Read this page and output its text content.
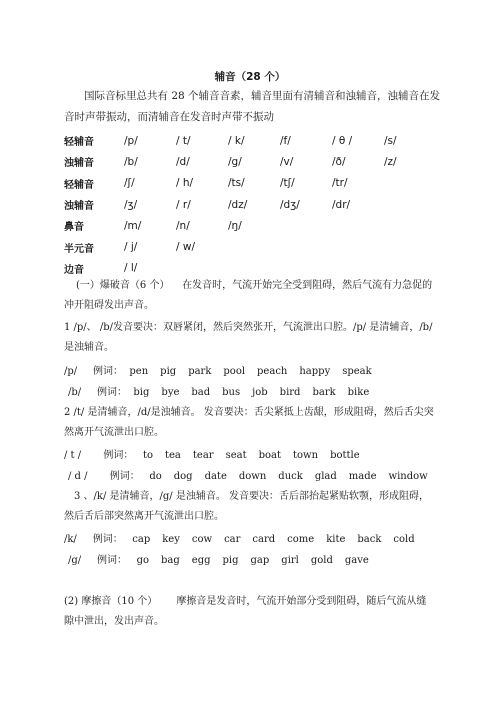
辅音（28 个）
国际音标里总共有 28 个辅音音素，辅音里面有清辅音和浊辅音，浊辅音在发音时声带振动，而清辅音在发音时声带不振动
轻辅音	/p/	/ t/	/ k/	/f/	/ θ /	/s/
浊辅音	/b/	/d/	/g/	/v/	/ð/	/z/
轻辅音	/ʃ/	/ h/	/ts/	/tʃ/	/tr/	
浊辅音	/ʒ/	/ r/	/dz/	/dʒ/	/dr/	
鼻音	/m/	/n/	/ŋ/			
半元音	/ j/	/ w/				
边音	/ l/					
(一）爆破音（6 个） 在发音时，气流开始完全受到阻碍，然后气流有力急促的冲开阻碍发出声音。
1 /p/、 /b/发音要决：双唇紧闭，然后突然张开，气流泄出口腔。/p/ 是清辅音，/b/是浊辅音。
/p/ 例词： pen pig park pool peach happy speak
/b/ 例词： big bye bad bus job bird bark bike
2 /t/ 是清辅音，/d/是浊辅音。 发音要决：舌尖紧抵上齿龈，形成阻碍，然后舌尖突然离开气流泄出口腔。
/ t / 例词： to tea tear seat boat town bottle
/ d / 例词： do dog date down duck glad made window
3 、/k/ 是清辅音，/g/ 是浊辅音。 发音要决：舌后部抬起紧贴软颚，形成阻碍，然后舌后部突然离开气流泄出口腔。
/k/ 例词： cap key cow car card come kite back cold
/g/ 例词： go bag egg pig gap girl gold gave
(2) 摩擦音（10 个） 摩擦音是发音时，气流开始部分受到阻碍，随后气流从缝隙中泄出，发出声音。
